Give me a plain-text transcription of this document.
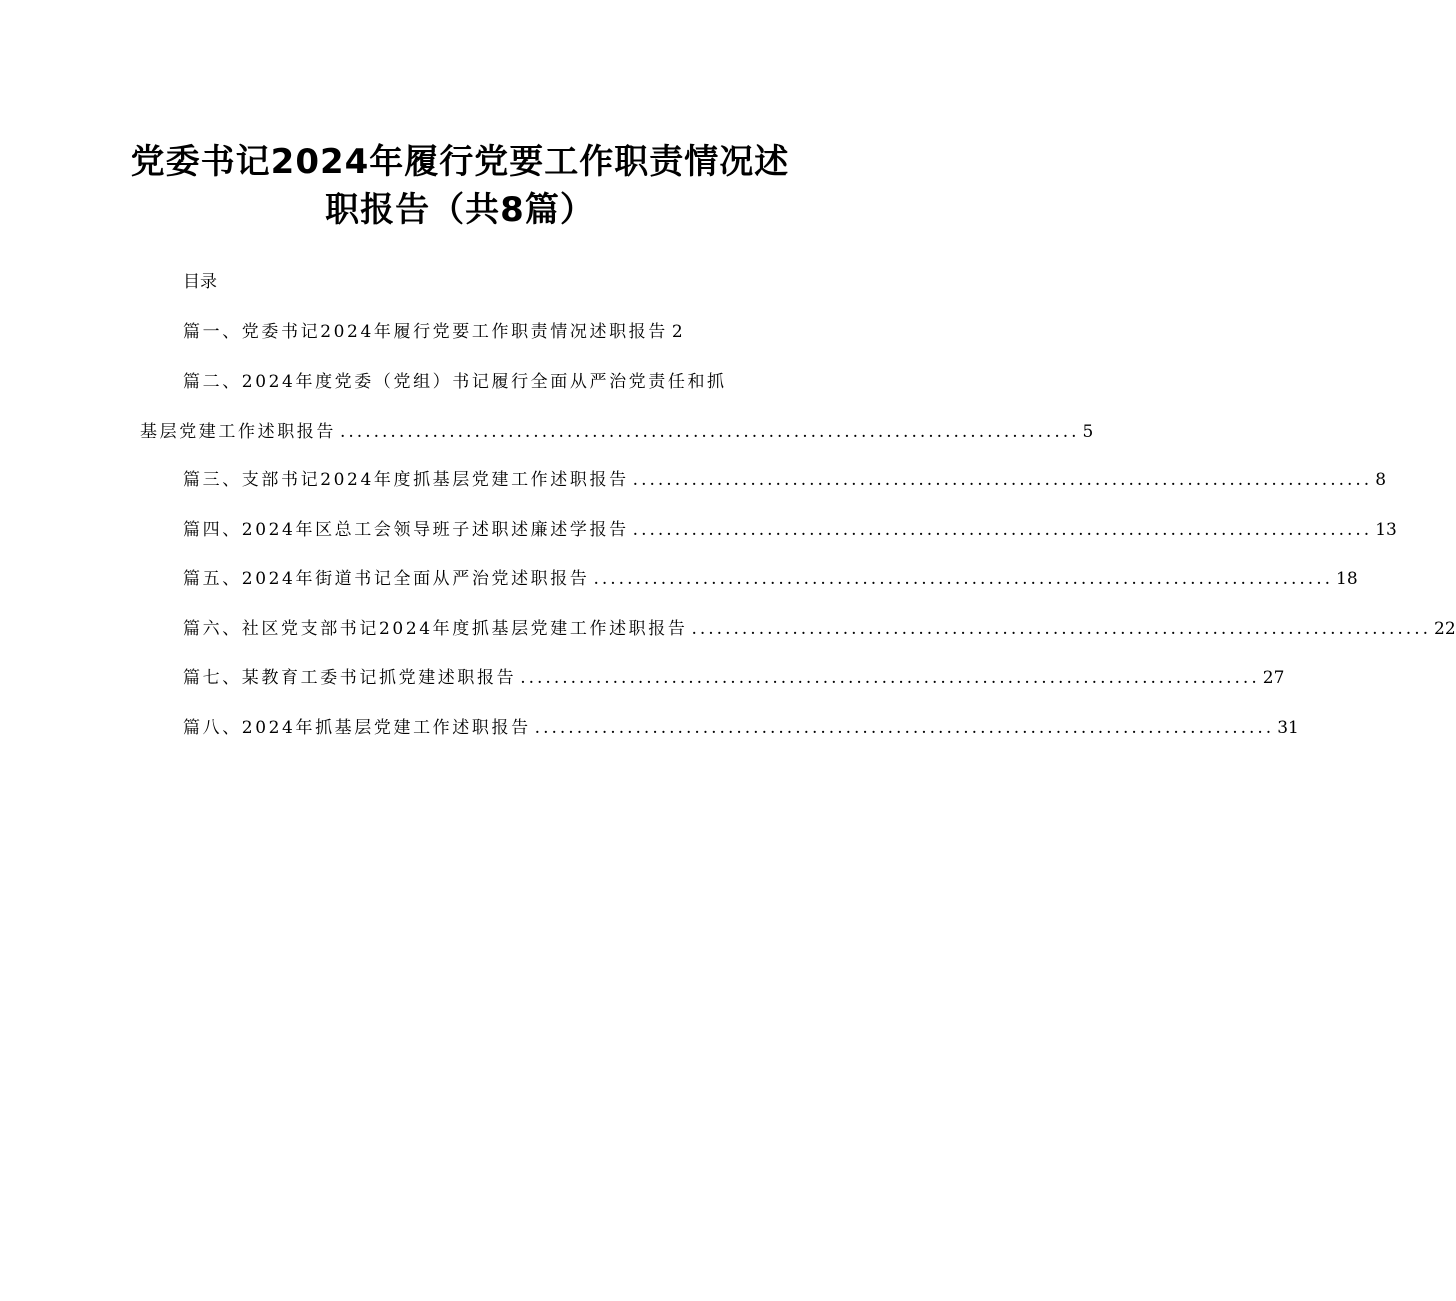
党委书记2024年履行党要工作职责情况述
职报告（共8篇）
目录
篇一、党委书记2024年履行党要工作职责情况述职报告 2
篇二、2024年度党委（党组）书记履行全面从严治党责任和抓
基层党建工作述职报告 ........................................................................................ 5
篇三、支部书记2024年度抓基层党建工作述职报告 ........................................................................................ 8
篇四、2024年区总工会领导班子述职述廉述学报告 ........................................................................................ 13
篇五、2024年街道书记全面从严治党述职报告 ........................................................................................ 18
篇六、社区党支部书记2024年度抓基层党建工作述职报告 ........................................................................................ 22
篇七、某教育工委书记抓党建述职报告 ........................................................................................ 27
篇八、2024年抓基层党建工作述职报告 ........................................................................................ 31
